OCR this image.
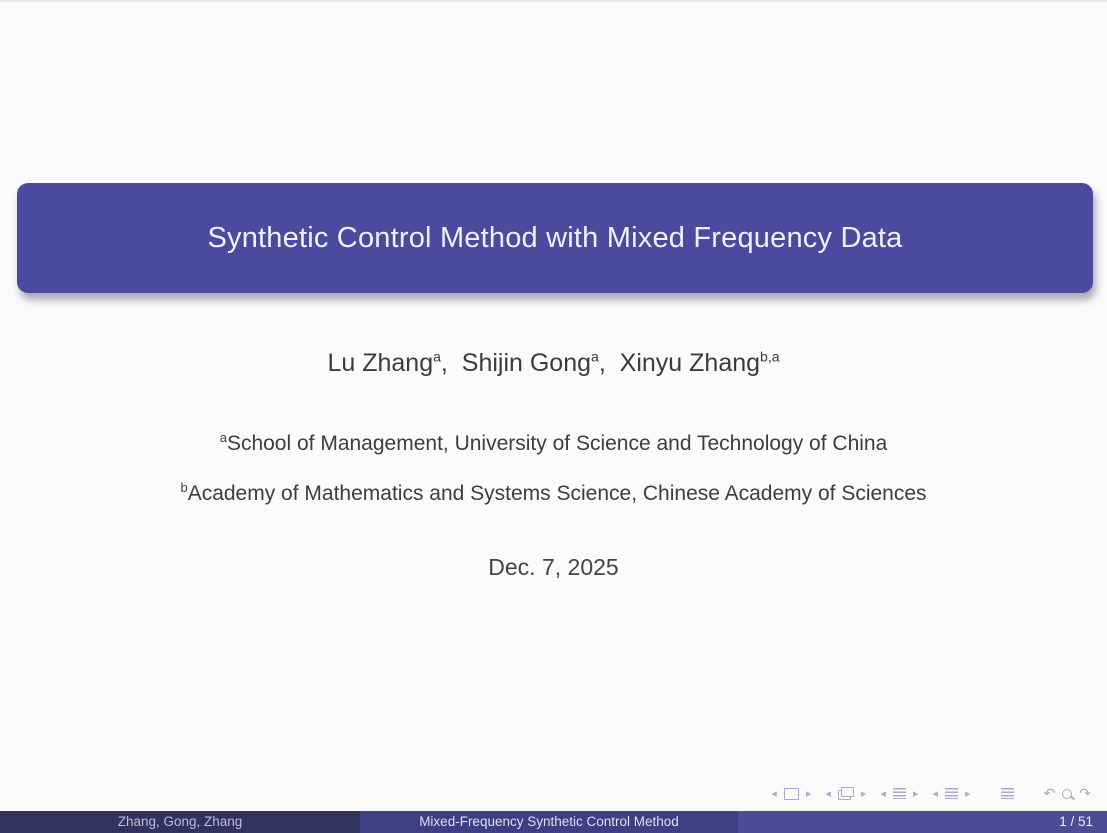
Synthetic Control Method with Mixed Frequency Data
Lu Zhang$^a$,  Shijin Gong$^a$,  Xinyu Zhang$^{b,a}$
$^a$School of Management, University of Science and Technology of China
$^b$Academy of Mathematics and Systems Science, Chinese Academy of Sciences
Dec. 7, 2025
◂	▸ ◂	▸ ◂ ▸ ◂ ▸	↶ ↷
Zhang, Gong, Zhang	Mixed-Frequency Synthetic Control Method	1 / 51
